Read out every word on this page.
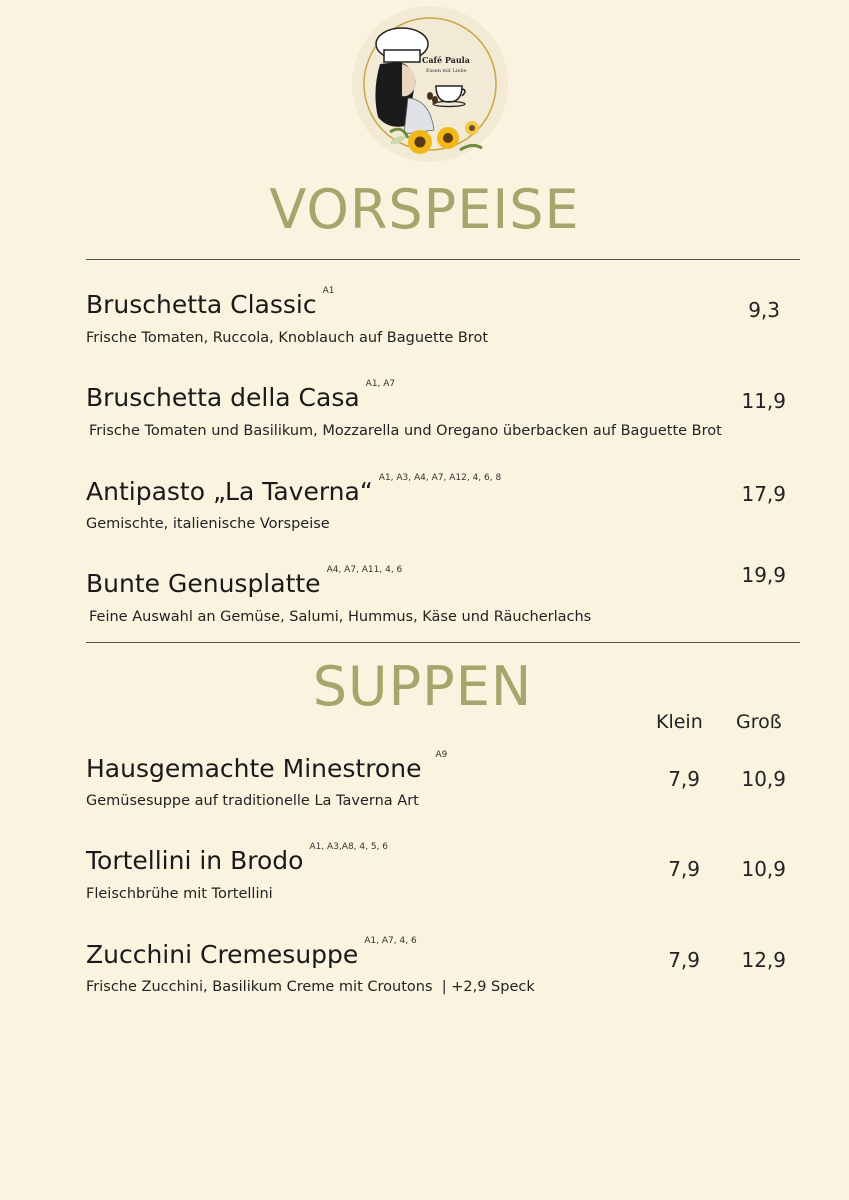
Café Paula
Essen mit Liebe
VORSPEISE
Bruschetta Classic $^{A1}$
Frische Tomaten, Ruccola, Knoblauch auf Baguette Brot
9,3
Bruschetta della Casa $^{A1, A7}$
Frische Tomaten und Basilikum, Mozzarella und Oregano überbacken auf Baguette Brot
11,9
Antipasto „La Taverna“ $^{A1, A3, A4, A7, A12, 4, 6, 8}$
Gemischte, italienische Vorspeise
17,9
Bunte Genusplatte $^{A4, A7, A11, 4, 6}$
Feine Auswahl an Gemüse, Salumi, Hummus, Käse und Räucherlachs
19,9
SUPPEN
Klein Groß
Hausgemachte Minestrone $^{A9}$
Gemüsesuppe auf traditionelle La Taverna Art
7,9	10,9
Tortellini in Brodo $^{A1, A3,A8, 4, 5, 6}$
Fleischbrühe mit Tortellini
7,9	10,9
Zucchini Cremesuppe $^{A1, A7, 4, 6}$
Frische Zucchini, Basilikum Creme mit Croutons  | +2,9 Speck
7,9	12,9
